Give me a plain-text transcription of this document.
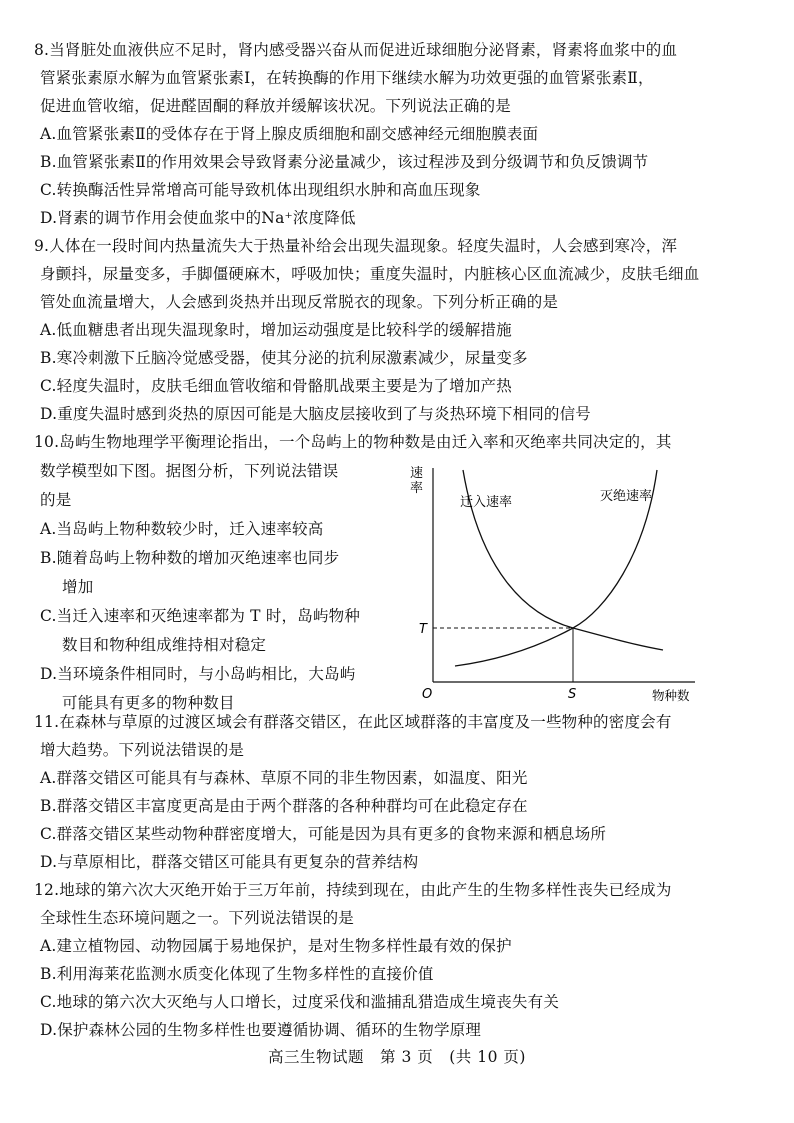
8.当肾脏处血液供应不足时，肾内感受器兴奋从而促进近球细胞分泌肾素，肾素将血浆中的血
管紧张素原水解为血管紧张素Ⅰ，在转换酶的作用下继续水解为功效更强的血管紧张素Ⅱ，
促进血管收缩，促进醛固酮的释放并缓解该状况。下列说法正确的是
A.血管紧张素Ⅱ的受体存在于肾上腺皮质细胞和副交感神经元细胞膜表面
B.血管紧张素Ⅱ的作用效果会导致肾素分泌量减少，该过程涉及到分级调节和负反馈调节
C.转换酶活性异常增高可能导致机体出现组织水肿和高血压现象
D.肾素的调节作用会使血浆中的Na⁺浓度降低
9.人体在一段时间内热量流失大于热量补给会出现失温现象。轻度失温时，人会感到寒冷，浑
身颤抖，尿量变多，手脚僵硬麻木，呼吸加快；重度失温时，内脏核心区血流减少，皮肤毛细血
管处血流量增大，人会感到炎热并出现反常脱衣的现象。下列分析正确的是
A.低血糖患者出现失温现象时，增加运动强度是比较科学的缓解措施
B.寒冷刺激下丘脑冷觉感受器，使其分泌的抗利尿激素减少，尿量变多
C.轻度失温时，皮肤毛细血管收缩和骨骼肌战栗主要是为了增加产热
D.重度失温时感到炎热的原因可能是大脑皮层接收到了与炎热环境下相同的信号
10.岛屿生物地理学平衡理论指出，一个岛屿上的物种数是由迁入率和灭绝率共同决定的，其
数学模型如下图。据图分析，下列说法错误
的是
A.当岛屿上物种数较少时，迁入速率较高
B.随着岛屿上物种数的增加灭绝速率也同步
增加
C.当迁入速率和灭绝速率都为 T 时，岛屿物种
数目和物种组成维持相对稳定
D.当环境条件相同时，与小岛屿相比，大岛屿
可能具有更多的物种数目
速
率
迁入速率	灭绝速率
T
S
O	物种数
11.在森林与草原的过渡区域会有群落交错区，在此区域群落的丰富度及一些物种的密度会有
增大趋势。下列说法错误的是
A.群落交错区可能具有与森林、草原不同的非生物因素，如温度、阳光
B.群落交错区丰富度更高是由于两个群落的各种种群均可在此稳定存在
C.群落交错区某些动物种群密度增大，可能是因为具有更多的食物来源和栖息场所
D.与草原相比，群落交错区可能具有更复杂的营养结构
12.地球的第六次大灭绝开始于三万年前，持续到现在，由此产生的生物多样性丧失已经成为
全球性生态环境问题之一。下列说法错误的是
A.建立植物园、动物园属于易地保护，是对生物多样性最有效的保护
B.利用海莱花监测水质变化体现了生物多样性的直接价值
C.地球的第六次大灭绝与人口增长，过度采伐和滥捕乱猎造成生境丧失有关
D.保护森林公园的生物多样性也要遵循协调、循环的生物学原理
高三生物试题　第 3 页　(共 10 页)
